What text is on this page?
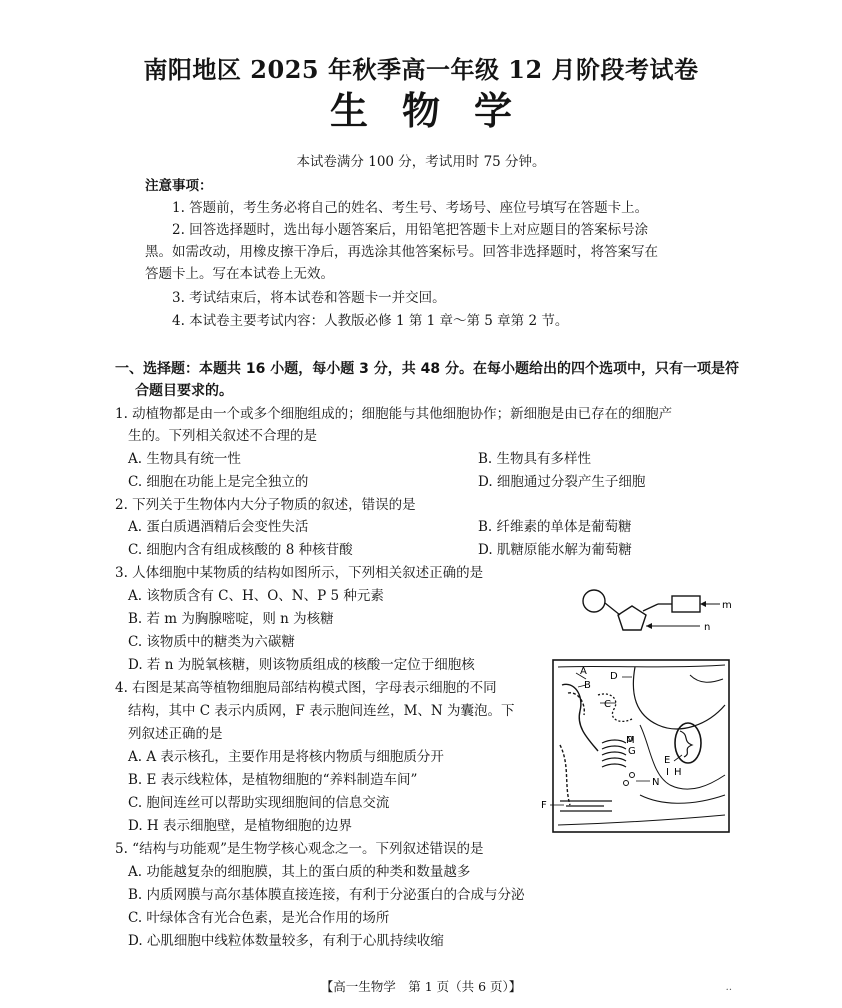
南阳地区 2025 年秋季高一年级 12 月阶段考试卷
生物学
本试卷满分 100 分，考试用时 75 分钟。
注意事项：
1. 答题前，考生务必将自己的姓名、考生号、考场号、座位号填写在答题卡上。
2. 回答选择题时，选出每小题答案后，用铅笔把答题卡上对应题目的答案标号涂
黑。如需改动，用橡皮擦干净后，再选涂其他答案标号。回答非选择题时，将答案写在
答题卡上。写在本试卷上无效。
3. 考试结束后，将本试卷和答题卡一并交回。
4. 本试卷主要考试内容：人教版必修 1 第 1 章～第 5 章第 2 节。
一、选择题：本题共 16 小题，每小题 3 分，共 48 分。在每小题给出的四个选项中，只有一项是符
合题目要求的。
1. 动植物都是由一个或多个细胞组成的；细胞能与其他细胞协作；新细胞是由已存在的细胞产
生的。下列相关叙述不合理的是
A. 生物具有统一性	B. 生物具有多样性
C. 细胞在功能上是完全独立的	D. 细胞通过分裂产生子细胞
2. 下列关于生物体内大分子物质的叙述，错误的是
A. 蛋白质遇酒精后会变性失活	B. 纤维素的单体是葡萄糖
C. 细胞内含有组成核酸的 8 种核苷酸	D. 肌糖原能水解为葡萄糖
3. 人体细胞中某物质的结构如图所示，下列相关叙述正确的是
A. 该物质含有 C、H、O、N、P 5 种元素
B. 若 m 为胸腺嘧啶，则 n 为核糖
C. 该物质中的糖类为六碳糖
D. 若 n 为脱氧核糖，则该物质组成的核酸一定位于细胞核
m
n
4. 右图是某高等植物细胞局部结构模式图，字母表示细胞的不同
结构，其中 C 表示内质网，F 表示胞间连丝，M、N 为囊泡。下
列叙述正确的是
A. A 表示核孔，主要作用是将核内物质与细胞质分开
B. E 表示线粒体，是植物细胞的“养料制造车间”
C. 胞间连丝可以帮助实现细胞间的信息交流
D. H 表示细胞壁，是植物细胞的边界
A
B
C
D
M
G
E
I H
N
F
5. “结构与功能观”是生物学核心观念之一。下列叙述错误的是
A. 功能越复杂的细胞膜，其上的蛋白质的种类和数量越多
B. 内质网膜与高尔基体膜直接连接，有利于分泌蛋白的合成与分泌
C. 叶绿体含有光合色素，是光合作用的场所
D. 心肌细胞中线粒体数量较多，有利于心肌持续收缩
【高一生物学　第 1 页（共 6 页）】	··
